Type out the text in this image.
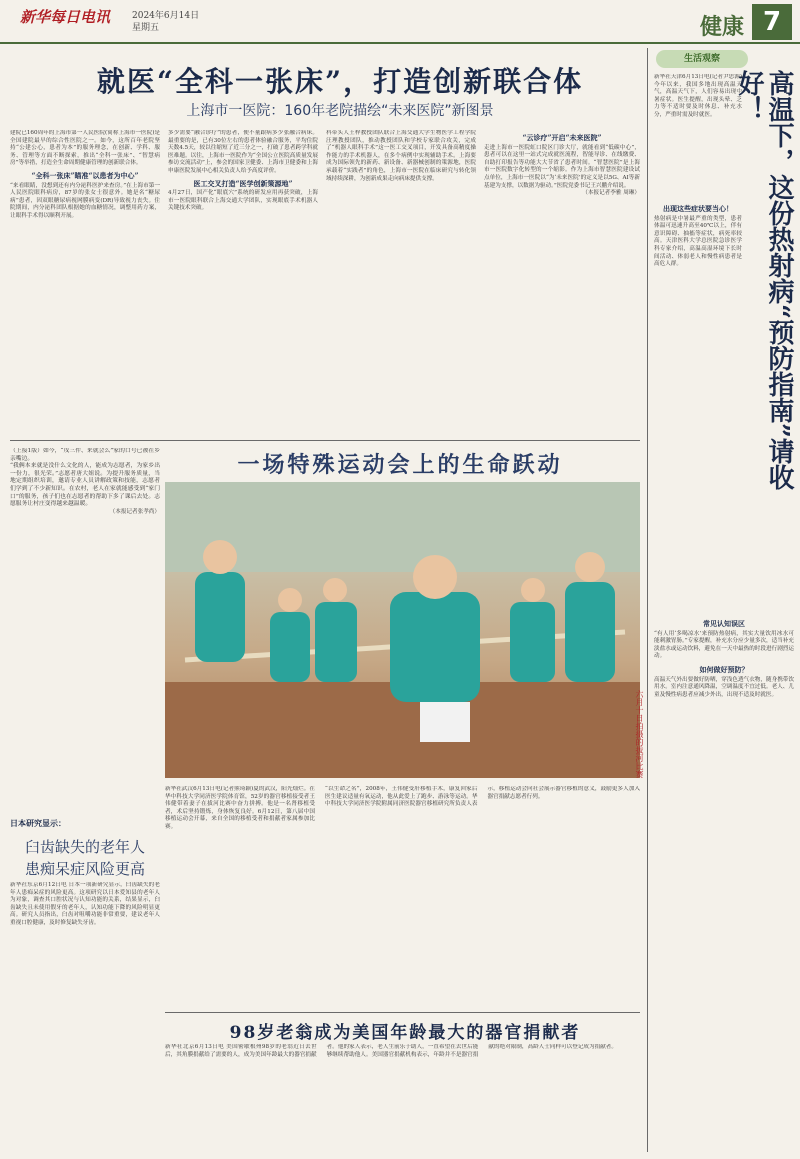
新华每日电讯 2024年6月14日
星期五	健康 7
就医“全科一张床”，打造创新联合体
上海市一医院：160年老院描绘“未来医院”新图景

建院已160周年的上海市第一人民医院(简称上海市一医院)是全国建院最早的综合性医院之一。如今，这所百年老院坚持“公建公心，患者为本”的服务理念，在创新、学科、服务、管理等方面不断探索，推出“全科一张床”、“智慧病房”等举措，打造全生命周期健康管理的创新联合体。

“全科一张床”瞄准“以患者为中心”

“来看眼睛，没想到还有内分泌科医护来查房。”在上海市第一人民医院眼科病房，87岁的张女士很意外。她是名“糖尿病”患者，因双眼糖尿病视网膜病变(DR)导致视力丧失。住院期间，内分泌科团队根据她的血糖情况，调整用药方案，让眼科手术得以顺利开展。

多少需要“融合诊疗”的患者，便不量跟病多少张融合病床。最重要的是，已有30位左右的患者体验融合服务，平均住院天数4.5天，较以往缩短了近三分之一，打破了患者跨学科就医难题。以往，上海市一医院作为“全国公立医院高质量发展参访交流活动”上，参会的国家卫健委、上海市卫健委和上海申康医院发展中心相关负责人给予高度评价。

医工交叉打造“医学创新策源地”

4月27日，国产化“眼底穴”系统的研发应用再获突破，上海市一医院眼科联合上海交通大学团队，实现眼底手术机器人关键技术突破。

科带头人王梓教授团队联合上海交通大学生物医学工程学院汪理教授团队，推动教授团队和学校专家联合攻关，完成了“机器人眼科手术”这一医工交叉项目，开发具备高精度操作能力的手术机器人，在多个病例中实现辅助手术。上海要成为国际领先的新药、新设备、新器械创制的策源地，医院承载着“实践者”的角色，上海市一医院在临床研究与转化领域持续深耕，为创新成果走向病床提供支撑。

“云诊疗”开启“未来医院”

走进上海市一医院虹口院区门诊大厅，就能看到“低碳中心”，患者可以在这里一站式完成就医流程，智能导诊、在线缴费、自助打印报告等功能大大节省了患者时间。“智慧医院”是上海市一医院数字化转型的一个缩影。作为上海市智慧医院建设试点单位，上海市一医院以“为‘未来医院’的定义是以5G、AI等新基建为支撑，以数据为驱动。”医院党委书记王兴鹏介绍说。

（本报记者李雅 周琳）

（上接1版）如今，“戌三件、来就会么”家的口号已被在乡亲嘴边。

“我俩本来就是没什么文化的人，能成为志愿者，为家乡出一份力，很光荣。”志愿者唐大姐说。为提升服务质量，当地定期组织培训，邀请专业人员讲解政策和技能，志愿者们学到了不少新知识。在农村，老人在家就能感受到“家门口”的服务，孩子们也在志愿者的帮助下多了课后去处。志愿服务让村庄变得越来越温暖。

（本报记者张孝尚）
日本研究显示：
臼齿缺失的老年人
患痴呆症风险更高

新华社东京6月12日电 日本一项新研究显示，臼齿缺失的老年人患痴呆症的风险更高。这项研究以日本爱知县的老年人为对象，调查其口腔状况与认知功能的关系，结果显示，臼齿缺失且未使用假牙的老年人，认知功能下降的风险明显更高。研究人员指出，臼齿对咀嚼功能非常重要，建议老年人重视口腔健康，及时修复缺失牙齿。

一场特殊运动会上的生命跃动
六月十日拍摄的拔河比赛

新华社武汉6月13日电(记者熊琦颖)夏的武汉，阳光灿烂。在华中科技大学同济医学院体育馆，52岁的器官移植接受者王伟健带着妻子在拔河比赛中奋力拼搏。他是一名肾移植受者，术后坚持锻炼，身体恢复良好。6月12日，第八届中国移植运动会开幕，来自全国的移植受者和捐献者家属参加比赛。

“以生命之名”，2008年，王伟健受肝移植手术，康复回家后医生建议适量有氧运动，他从此爱上了跑步、游泳等运动。华中科技大学同济医学院附属同济医院器官移植研究所负责人表示，移植运动会向社会展示器官移植的意义，鼓励更多人加入器官捐献志愿者行列。

98岁老翁成为美国年龄最大的器官捐献者

新华社北京6月13日电 美国密歇根州98岁的老翁近日去世后，其角膜捐献给了需要的人，成为美国年龄最大的器官捐献者。他的家人表示，老人生前乐于助人，一直希望在去世后能够继续帮助他人。美国器官捐献机构表示，年龄并不是器官捐献的绝对限制，高龄人士同样可以登记成为捐献者。

生活观察
高温下，这份热射病“预防指南”请收好！

新华社天津6月13日电(记者尹思源)今年以来，我国多地出现高温天气，高温天气下，人们容易出现中暑症状。医生提醒，出现头晕、乏力等不适时要及时休息、补充水分，严重时需及时就医。

出现这些症状要当心！

热射病是中暑最严重的类型，患者体温可迅速升高至40℃以上，伴有意识障碍、抽搐等症状，病死率较高。天津医科大学总医院急诊医学科专家介绍，高温高湿环境下长时间活动、体弱老人和慢性病患者是高危人群。

常见认知误区

“有人用‘多喝凉水’来预防热射病，其实大量饮用冰水可能刺激胃肠。”专家提醒，补充水分应少量多次，适当补充淡盐水或运动饮料，避免在一天中最热的时段进行剧烈运动。

如何做好预防？

高温天气外出要做好防晒，穿浅色透气衣物，随身携带饮用水。室内注意通风降温，空调温度不宜过低。老人、儿童及慢性病患者应减少外出，出现不适及时就医。
